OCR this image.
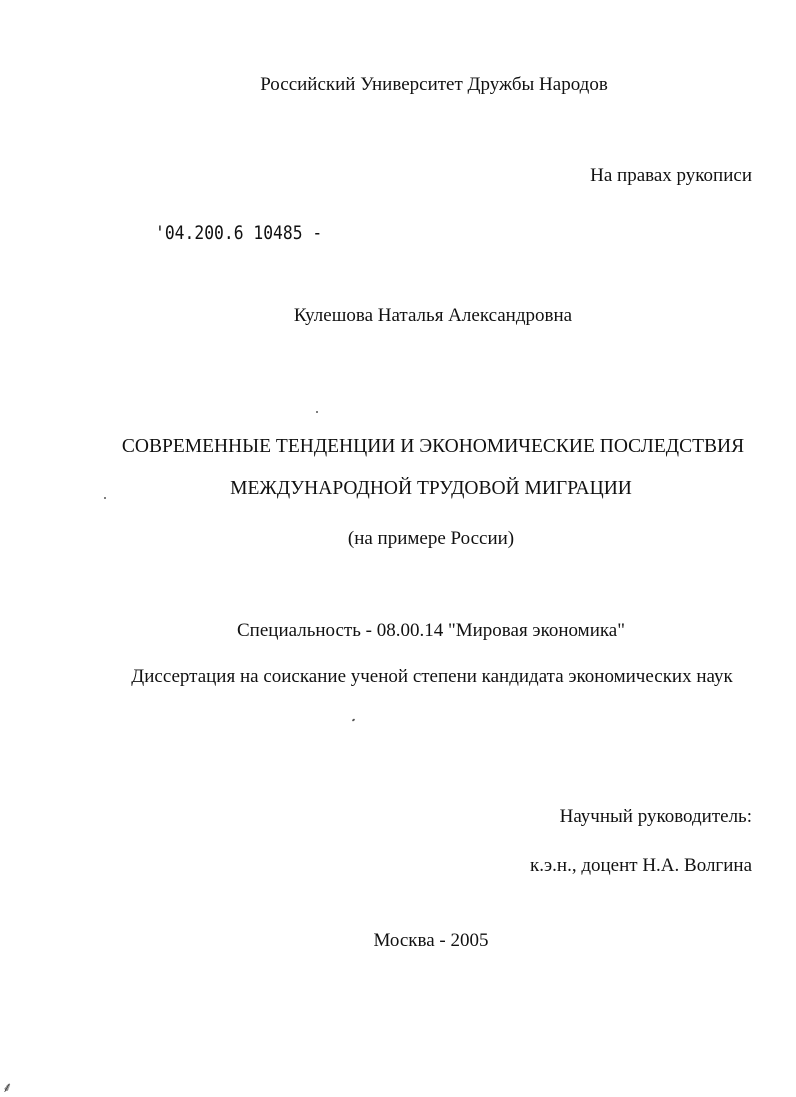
Российский Университет Дружбы Народов
На правах рукописи
'04.200.6 10485 -
Кулешова Наталья Александровна
СОВРЕМЕННЫЕ ТЕНДЕНЦИИ И ЭКОНОМИЧЕСКИЕ ПОСЛЕДСТВИЯ
МЕЖДУНАРОДНОЙ ТРУДОВОЙ МИГРАЦИИ
(на примере России)
Специальность - 08.00.14 "Мировая экономика"
Диссертация на соискание ученой степени кандидата экономических наук
Научный руководитель:
к.э.н., доцент Н.А. Волгина
Москва - 2005
⸙
